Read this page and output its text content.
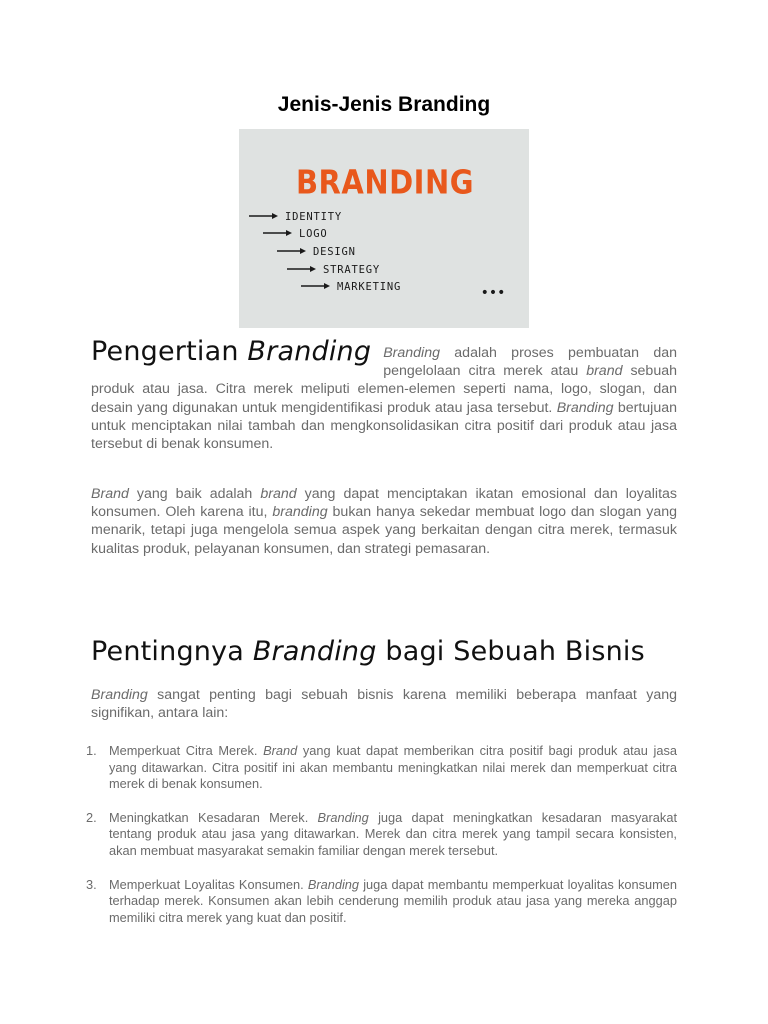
Jenis-Jenis Branding
BRANDING
IDENTITY
LOGO
DESIGN
STRATEGY
MARKETING	•••
Pengertian Branding Branding adalah proses pembuatan dan pengelolaan citra merek atau brand sebuah produk atau jasa. Citra merek meliputi elemen-elemen seperti nama, logo, slogan, dan desain yang digunakan untuk mengidentifikasi produk atau jasa tersebut. Branding bertujuan untuk menciptakan nilai tambah dan mengkonsolidasikan citra positif dari produk atau jasa tersebut di benak konsumen.
Brand yang baik adalah brand yang dapat menciptakan ikatan emosional dan loyalitas konsumen. Oleh karena itu, branding bukan hanya sekedar membuat logo dan slogan yang menarik, tetapi juga mengelola semua aspek yang berkaitan dengan citra merek, termasuk kualitas produk, pelayanan konsumen, dan strategi pemasaran.
Pentingnya Branding bagi Sebuah Bisnis
Branding sangat penting bagi sebuah bisnis karena memiliki beberapa manfaat yang signifikan, antara lain:
1. Memperkuat Citra Merek. Brand yang kuat dapat memberikan citra positif bagi produk atau jasa yang ditawarkan. Citra positif ini akan membantu meningkatkan nilai merek dan memperkuat citra merek di benak konsumen.
2. Meningkatkan Kesadaran Merek. Branding juga dapat meningkatkan kesadaran masyarakat tentang produk atau jasa yang ditawarkan. Merek dan citra merek yang tampil secara konsisten, akan membuat masyarakat semakin familiar dengan merek tersebut.
3. Memperkuat Loyalitas Konsumen. Branding juga dapat membantu memperkuat loyalitas konsumen terhadap merek. Konsumen akan lebih cenderung memilih produk atau jasa yang mereka anggap memiliki citra merek yang kuat dan positif.
